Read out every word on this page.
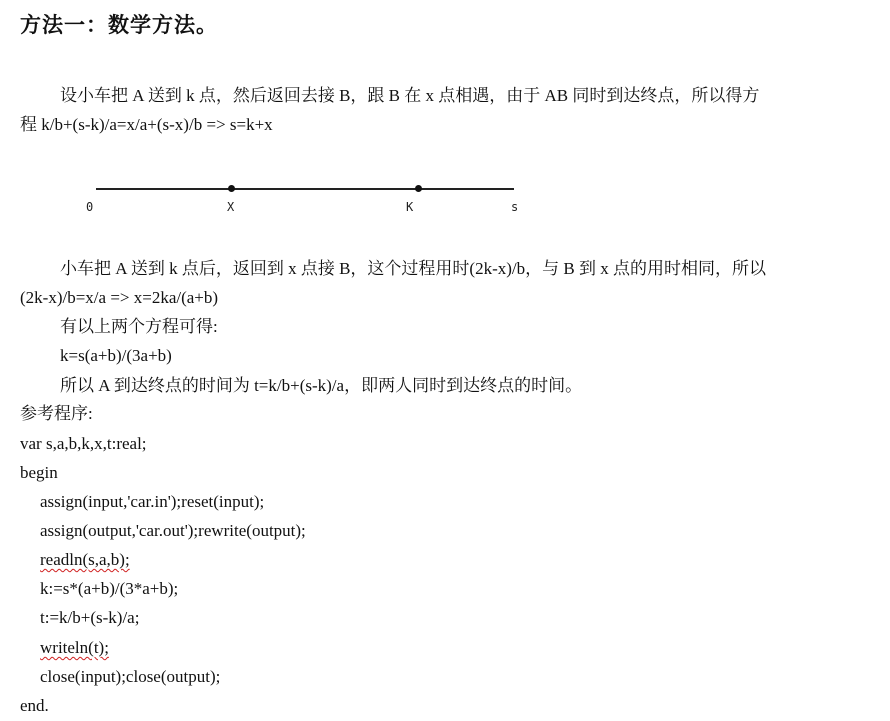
方法一：数学方法。
设小车把 A 送到 k 点，然后返回去接 B，跟 B 在 x 点相遇，由于 AB 同时到达终点，所以得方
程 k/b+(s-k)/a=x/a+(s-x)/b => s=k+x
0	X	K	s
小车把 A 送到 k 点后，返回到 x 点接 B，这个过程用时(2k-x)/b，与 B 到 x 点的用时相同，所以
(2k-x)/b=x/a => x=2ka/(a+b)
有以上两个方程可得:
k=s(a+b)/(3a+b)
所以 A 到达终点的时间为 t=k/b+(s-k)/a，即两人同时到达终点的时间。
参考程序:
var s,a,b,k,x,t:real;
begin
assign(input,'car.in');reset(input);
assign(output,'car.out');rewrite(output);
readln(s,a,b);
k:=s*(a+b)/(3*a+b);
t:=k/b+(s-k)/a;
writeln(t);
close(input);close(output);
end.
